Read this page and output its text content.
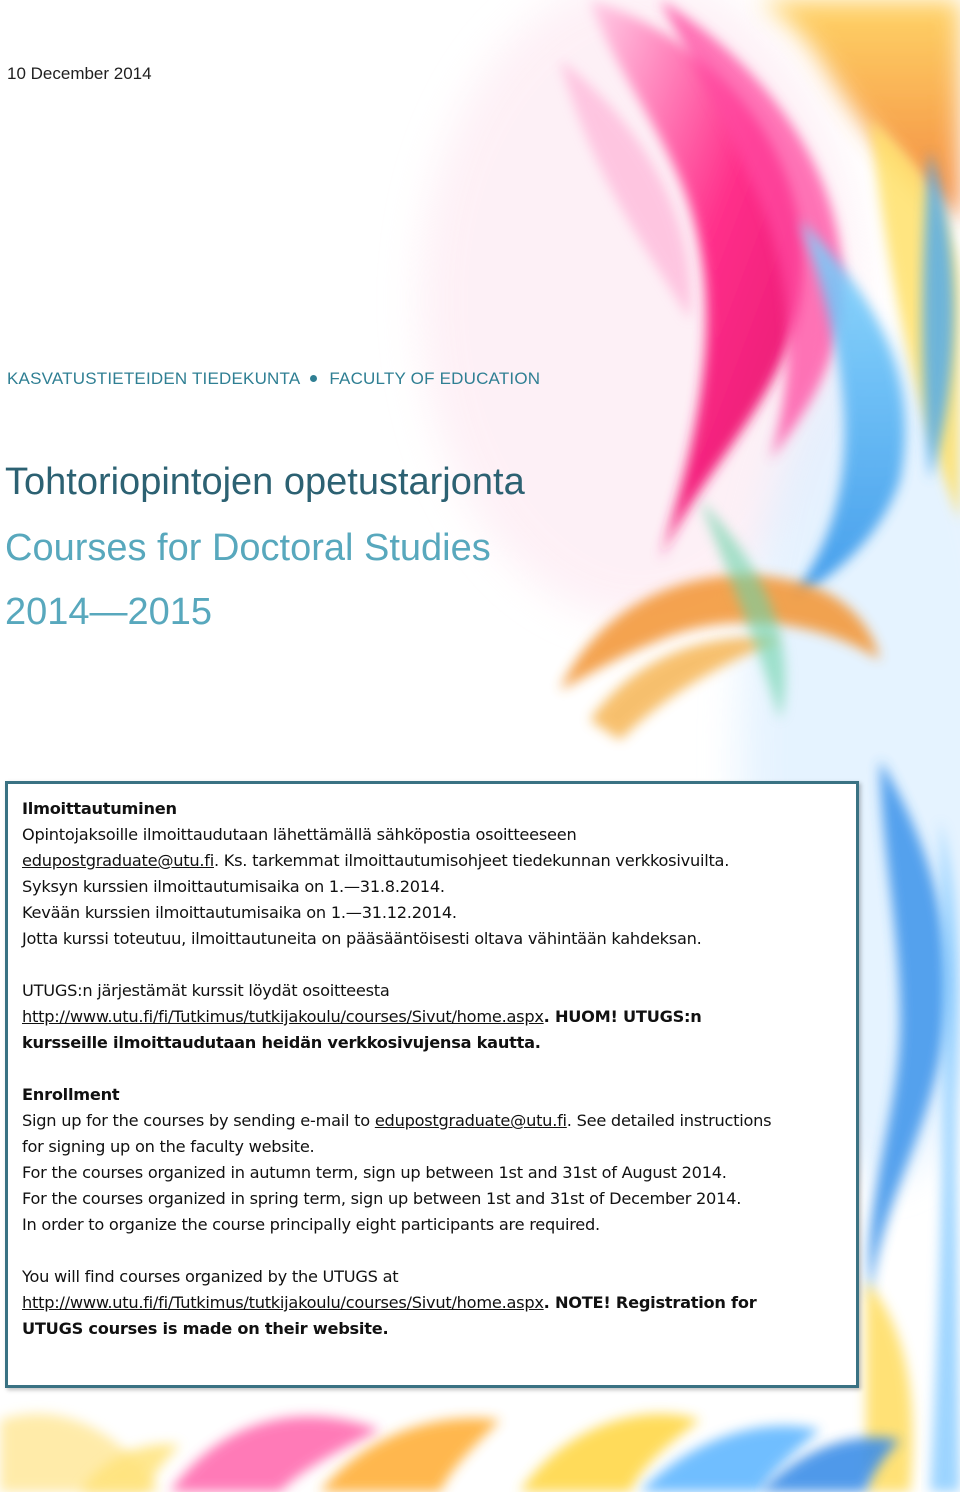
10 December 2014
KASVATUSTIETEIDEN TIEDEKUNTA FACULTY OF EDUCATION
Tohtoriopintojen opetustarjonta
Courses for Doctoral Studies
2014—2015

Ilmoittautuminen

Opintojaksoille ilmoittaudutaan lähettämällä sähköpostia osoitteeseen

edupostgraduate@utu.fi. Ks. tarkemmat ilmoittautumisohjeet tiedekunnan verkkosivuilta.

Syksyn kurssien ilmoittautumisaika on 1.—31.8.2014.

Kevään kurssien ilmoittautumisaika on 1.—31.12.2014.

Jotta kurssi toteutuu, ilmoittautuneita on pääsääntöisesti oltava vähintään kahdeksan.

UTUGS:n järjestämät kurssit löydät osoitteesta

http://www.utu.fi/fi/Tutkimus/tutkijakoulu/courses/Sivut/home.aspx. HUOM! UTUGS:n

kursseille ilmoittaudutaan heidän verkkosivujensa kautta.

Enrollment

Sign up for the courses by sending e-mail to edupostgraduate@utu.fi. See detailed instructions

for signing up on the faculty website.

For the courses organized in autumn term, sign up between 1st and 31st of August 2014.

For the courses organized in spring term, sign up between 1st and 31st of December 2014.

In order to organize the course principally eight participants are required.

You will find courses organized by the UTUGS at

http://www.utu.fi/fi/Tutkimus/tutkijakoulu/courses/Sivut/home.aspx. NOTE! Registration for

UTUGS courses is made on their website.
